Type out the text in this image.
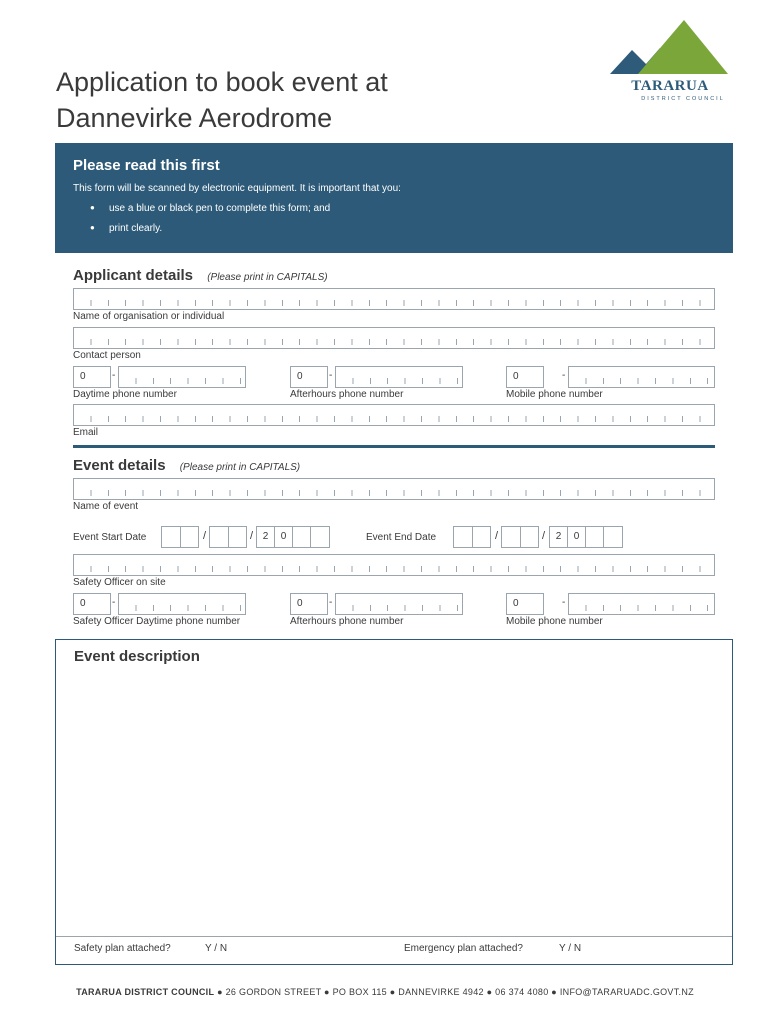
Application to book event at
Dannevirke Aerodrome
TARARUA
DISTRICT COUNCIL
Please read this first

This form will be scanned by electronic equipment. It is important that you:

● use a blue or black pen to complete this form; and
● print clearly.
Applicant details (Please print in CAPITALS)
Name of organisation or individual
Contact person
0	-
Daytime phone number
0	-
Afterhours phone number
0	-
Mobile phone number
Email
Event details (Please print in CAPITALS)
Name of event
Event Start Date	/	/ 2	0	Event End Date	/	/	2	0
Safety Officer on site
0	-
Safety Officer Daytime phone number
0	-
Afterhours phone number
0	-
Mobile phone number
Event description
Safety plan attached?	Y / N	Emergency plan attached?	Y / N
TARARUA DISTRICT COUNCIL ● 26 GORDON STREET ● PO BOX 115 ● DANNEVIRKE 4942 ● 06 374 4080 ● INFO@TARARUADC.GOVT.NZ
